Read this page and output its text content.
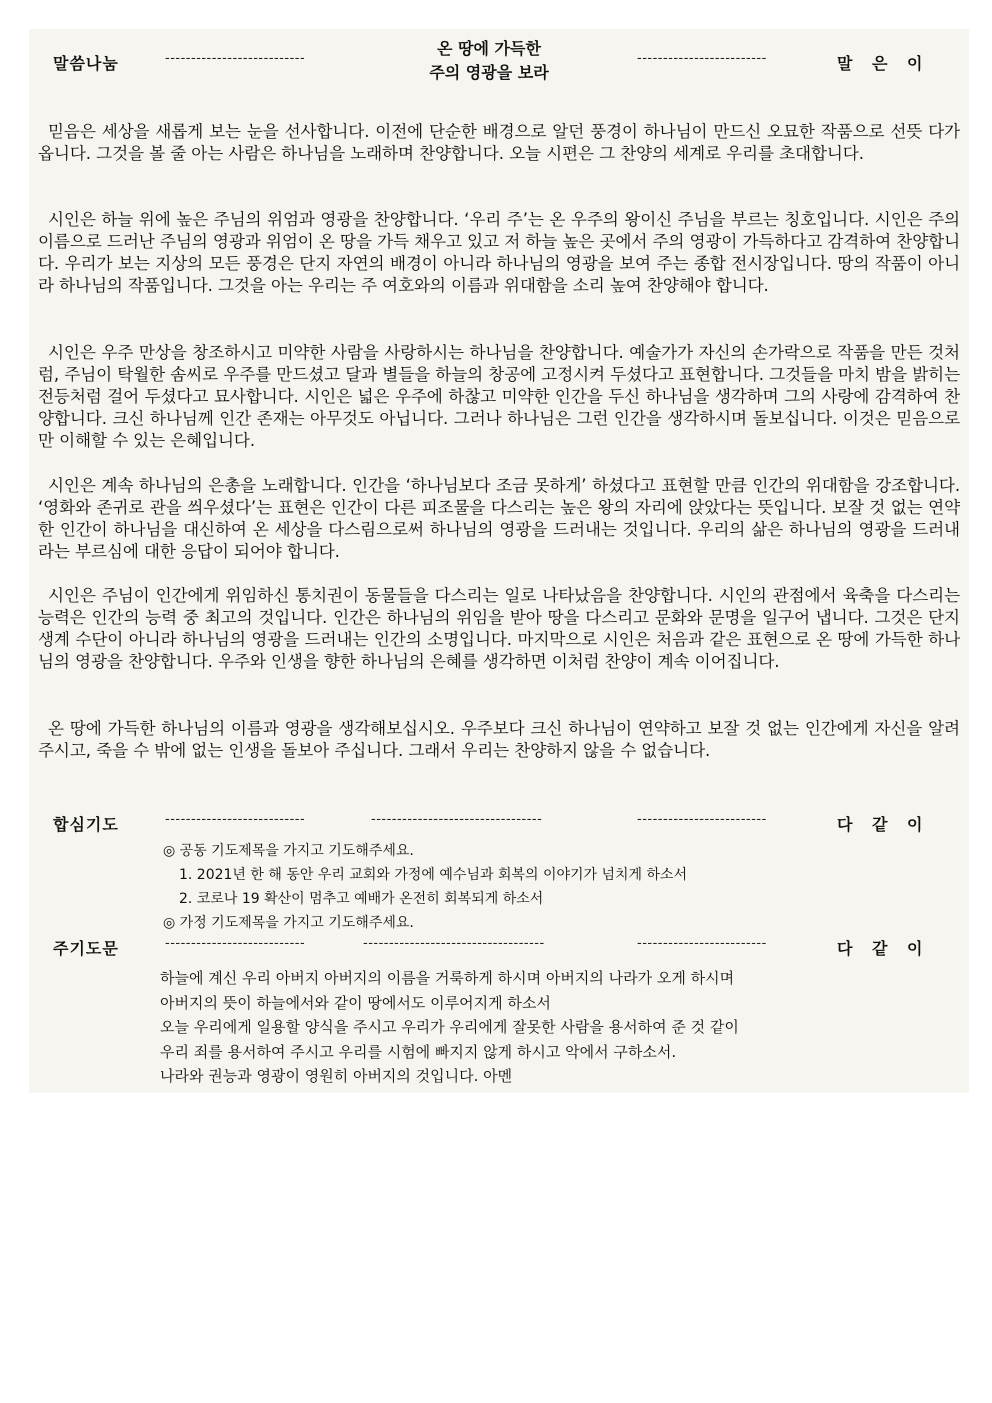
말씀나눔	---------------------------	-------------------------	말 은 이
온 땅에 가득한
주의 영광을 보라

믿음은 세상을 새롭게 보는 눈을 선사합니다. 이전에 단순한 배경으로 알던 풍경이 하나님이 만드신 오묘한 작품으로 선뜻 다가옵니다. 그것을 볼 줄 아는 사람은 하나님을 노래하며 찬양합니다. 오늘 시편은 그 찬양의 세계로 우리를 초대합니다.

시인은 하늘 위에 높은 주님의 위엄과 영광을 찬양합니다. ‘우리 주’는 온 우주의 왕이신 주님을 부르는 칭호입니다. 시인은 주의 이름으로 드러난 주님의 영광과 위엄이 온 땅을 가득 채우고 있고 저 하늘 높은 곳에서 주의 영광이 가득하다고 감격하여 찬양합니다. 우리가 보는 지상의 모든 풍경은 단지 자연의 배경이 아니라 하나님의 영광을 보여 주는 종합 전시장입니다. 땅의 작품이 아니라 하나님의 작품입니다. 그것을 아는 우리는 주 여호와의 이름과 위대함을 소리 높여 찬양해야 합니다.

시인은 우주 만상을 창조하시고 미약한 사람을 사랑하시는 하나님을 찬양합니다. 예술가가 자신의 손가락으로 작품을 만든 것처럼, 주님이 탁월한 솜씨로 우주를 만드셨고 달과 별들을 하늘의 창공에 고정시켜 두셨다고 표현합니다. 그것들을 마치 밤을 밝히는 전등처럼 걸어 두셨다고 묘사합니다. 시인은 넓은 우주에 하찮고 미약한 인간을 두신 하나님을 생각하며 그의 사랑에 감격하여 찬양합니다. 크신 하나님께 인간 존재는 아무것도 아닙니다. 그러나 하나님은 그런 인간을 생각하시며 돌보십니다. 이것은 믿음으로만 이해할 수 있는 은혜입니다.

시인은 계속 하나님의 은총을 노래합니다. 인간을 ‘하나님보다 조금 못하게’ 하셨다고 표현할 만큼 인간의 위대함을 강조합니다. ‘영화와 존귀로 관을 씌우셨다’는 표현은 인간이 다른 피조물을 다스리는 높은 왕의 자리에 앉았다는 뜻입니다. 보잘 것 없는 연약한 인간이 하나님을 대신하여 온 세상을 다스림으로써 하나님의 영광을 드러내는 것입니다. 우리의 삶은 하나님의 영광을 드러내라는 부르심에 대한 응답이 되어야 합니다.

시인은 주님이 인간에게 위임하신 통치권이 동물들을 다스리는 일로 나타났음을 찬양합니다. 시인의 관점에서 육축을 다스리는 능력은 인간의 능력 중 최고의 것입니다. 인간은 하나님의 위임을 받아 땅을 다스리고 문화와 문명을 일구어 냅니다. 그것은 단지 생계 수단이 아니라 하나님의 영광을 드러내는 인간의 소명입니다. 마지막으로 시인은 처음과 같은 표현으로 온 땅에 가득한 하나님의 영광을 찬양합니다. 우주와 인생을 향한 하나님의 은혜를 생각하면 이처럼 찬양이 계속 이어집니다.

온 땅에 가득한 하나님의 이름과 영광을 생각해보십시오. 우주보다 크신 하나님이 연약하고 보잘 것 없는 인간에게 자신을 알려주시고, 죽을 수 밖에 없는 인생을 돌보아 주십니다. 그래서 우리는 찬양하지 않을 수 없습니다.

합심기도	---------------------------	---------------------------------	-------------------------	다 같 이
◎ 공동 기도제목을 가지고 기도해주세요.
1. 2021년 한 해 동안 우리 교회와 가정에 예수님과 회복의 이야기가 넘치게 하소서
2. 코로나 19 확산이 멈추고 예배가 온전히 회복되게 하소서
◎ 가정 기도제목을 가지고 기도해주세요.
주기도문	---------------------------	-----------------------------------	-------------------------	다 같 이
하늘에 계신 우리 아버지 아버지의 이름을 거룩하게 하시며 아버지의 나라가 오게 하시며
아버지의 뜻이 하늘에서와 같이 땅에서도 이루어지게 하소서
오늘 우리에게 일용할 양식을 주시고 우리가 우리에게 잘못한 사람을 용서하여 준 것 같이
우리 죄를 용서하여 주시고 우리를 시험에 빠지지 않게 하시고 악에서 구하소서.
나라와 권능과 영광이 영원히 아버지의 것입니다. 아멘
